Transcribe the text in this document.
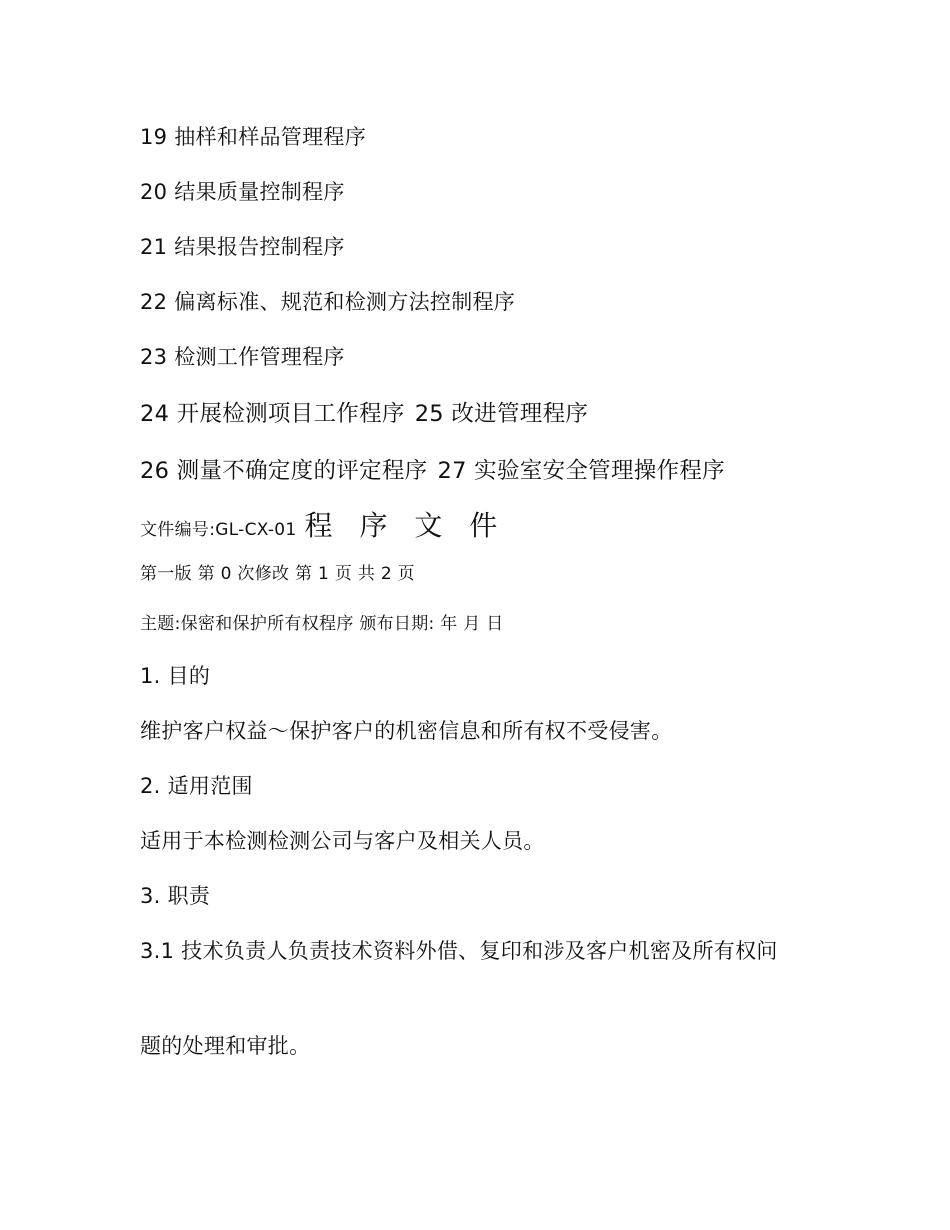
19 抽样和样品管理程序
20 结果质量控制程序
21 结果报告控制程序
22 偏离标准、规范和检测方法控制程序
23 检测工作管理程序
24 开展检测项目工作程序 25 改进管理程序
26 测量不确定度的评定程序 27 实验室安全管理操作程序
文件编号:GL-CX-01 程 序 文 件
第一版 第 0 次修改 第 1 页 共 2 页
主题:保密和保护所有权程序 颁布日期: 年 月 日
1. 目的
维护客户权益～保护客户的机密信息和所有权不受侵害。
2. 适用范围
适用于本检测检测公司与客户及相关人员。
3. 职责
3.1 技术负责人负责技术资料外借、复印和涉及客户机密及所有权问
题的处理和审批。
